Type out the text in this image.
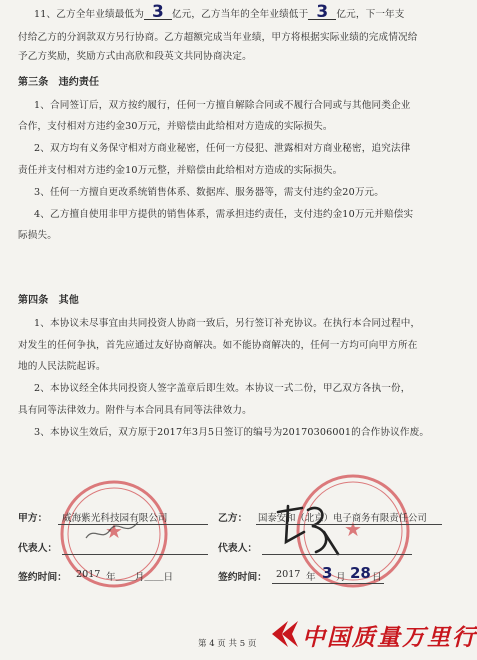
11、乙方全年业绩最低为 3 亿元，乙方当年的全年业绩低于 3 亿元，下一年支
付给乙方的分润款双方另行协商。乙方超额完成当年业绩，甲方将根据实际业绩的完成情况给
予乙方奖励，奖励方式由高欣和段英文共同协商决定。
第三条　违约责任
1、合同签订后，双方按约履行，任何一方擅自解除合同或不履行合同或与其他同类企业
合作，支付相对方违约金30万元，并赔偿由此给相对方造成的实际损失。
2、双方均有义务保守相对方商业秘密，任何一方侵犯、泄露相对方商业秘密，追究法律
责任并支付相对方违约金10万元整，并赔偿由此给相对方造成的实际损失。
3、任何一方擅自更改系统销售体系、数据库、服务器等，需支付违约金20万元。
4、乙方擅自使用非甲方提供的销售体系，需承担违约责任，支付违约金10万元并赔偿实
际损失。
第四条　其他
1、本协议未尽事宜由共同投资人协商一致后，另行签订补充协议。在执行本合同过程中，
对发生的任何争执，首先应通过友好协商解决。如不能协商解决的，任何一方均可向甲方所在
地的人民法院起诉。
2、本协议经全体共同投资人签字盖章后即生效。本协议一式二份，甲乙双方各执一份，
具有同等法律效力。附件与本合同具有同等法律效力。
3、本协议生效后，双方原于2017年3月5日签订的编号为20170306001的合作协议作废。
★	★
甲方： 威海紫光科技园有限公司
代表人：
签约时间： 2017 年＿＿月＿＿日
乙方： 国泰安和（北京）电子商务有限责任公司
代表人：
签约时间： 2017 年 3 月 28 日
第 4 页 共 5 页 中国质量万里行
